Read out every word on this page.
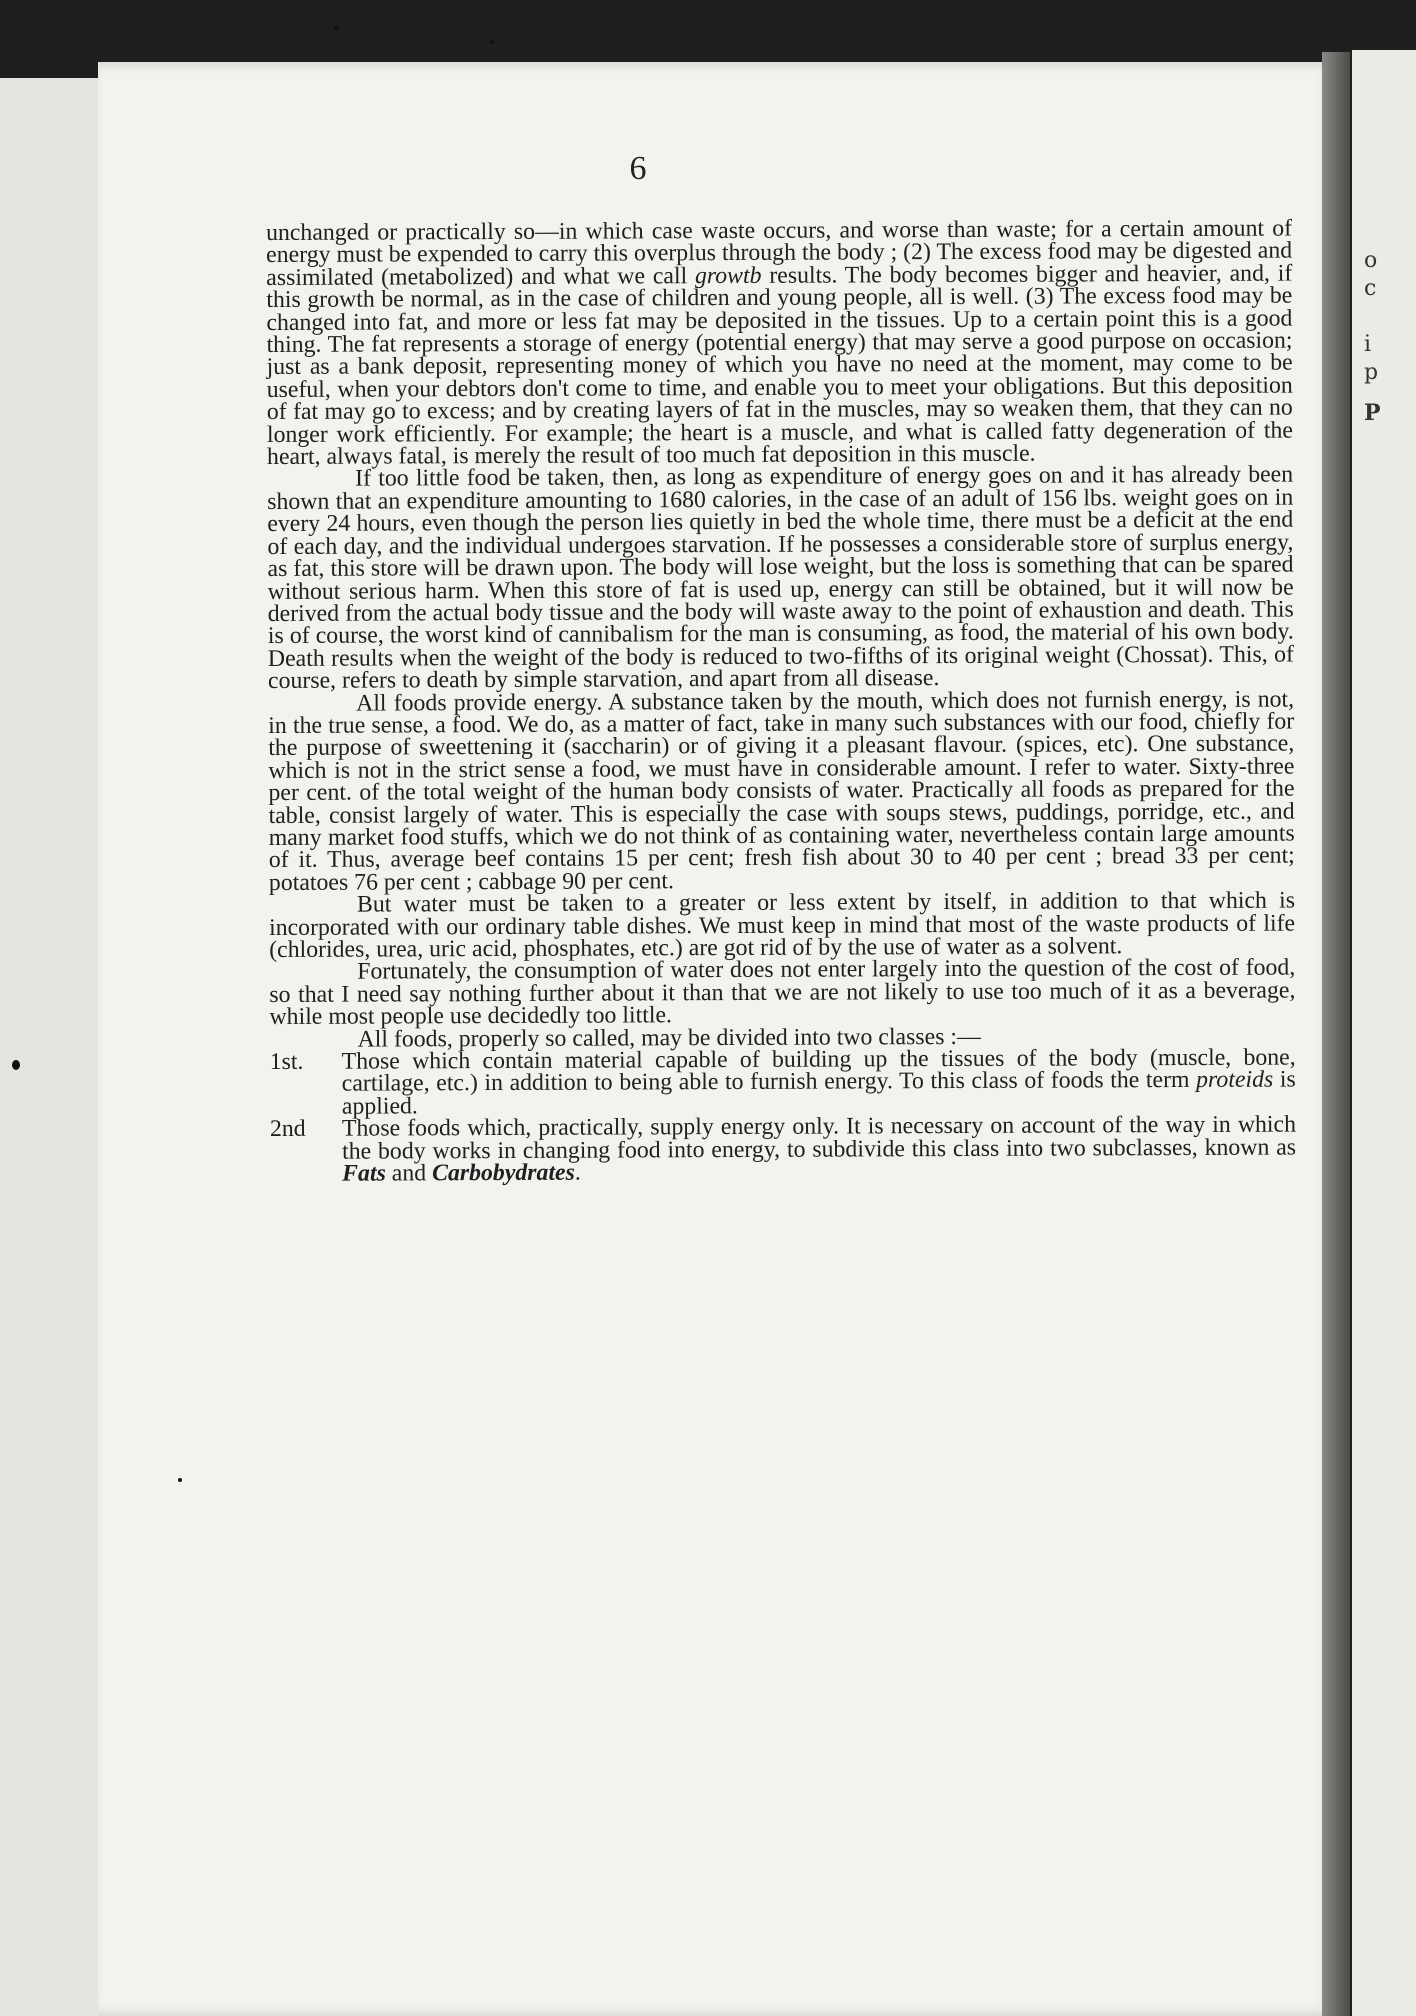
o
c
i
p
P
6

unchanged or practically so—in which case waste occurs, and worse than waste; for a certain amount of energy must be expended to carry this overplus through the body ; (2) The excess food may be digested and assimilated (metabolized) and what we call growtb results. The body becomes bigger and heavier, and, if this growth be normal, as in the case of children and young people, all is well. (3) The excess food may be changed into fat, and more or less fat may be deposited in the tissues. Up to a certain point this is a good thing. The fat represents a storage of energy (potential energy) that may serve a good purpose on occasion; just as a bank deposit, representing money of which you have no need at the moment, may come to be useful, when your debtors don't come to time, and enable you to meet your obligations. But this deposition of fat may go to excess; and by creating layers of fat in the muscles, may so weaken them, that they can no longer work efficiently. For example; the heart is a muscle, and what is called fatty degeneration of the heart, always fatal, is merely the result of too much fat deposition in this muscle.

If too little food be taken, then, as long as expenditure of energy goes on and it has already been shown that an expenditure amounting to 1680 calories, in the case of an adult of 156 lbs. weight goes on in every 24 hours, even though the person lies quietly in bed the whole time, there must be a deficit at the end of each day, and the individual undergoes starvation. If he possesses a considerable store of surplus energy, as fat, this store will be drawn upon. The body will lose weight, but the loss is something that can be spared without serious harm. When this store of fat is used up, energy can still be obtained, but it will now be derived from the actual body tissue and the body will waste away to the point of exhaustion and death. This is of course, the worst kind of cannibalism for the man is consuming, as food, the material of his own body. Death results when the weight of the body is reduced to two-fifths of its original weight (Chossat). This, of course, refers to death by simple starvation, and apart from all disease.

All foods provide energy. A substance taken by the mouth, which does not furnish energy, is not, in the true sense, a food. We do, as a matter of fact, take in many such substances with our food, chiefly for the purpose of sweettening it (saccharin) or of giving it a pleasant flavour. (spices, etc). One substance, which is not in the strict sense a food, we must have in considerable amount. I refer to water. Sixty-three per cent. of the total weight of the human body consists of water. Practically all foods as prepared for the table, consist largely of water. This is especially the case with soups stews, puddings, porridge, etc., and many market food stuffs, which we do not think of as containing water, nevertheless contain large amounts of it. Thus, average beef contains 15 per cent; fresh fish about 30 to 40 per cent ; bread 33 per cent; potatoes 76 per cent ; cabbage 90 per cent.

But water must be taken to a greater or less extent by itself, in addition to that which is incorporated with our ordinary table dishes. We must keep in mind that most of the waste products of life (chlorides, urea, uric acid, phosphates, etc.) are got rid of by the use of water as a solvent.

Fortunately, the consumption of water does not enter largely into the question of the cost of food, so that I need say nothing further about it than that we are not likely to use too much of it as a beverage, while most people use decidedly too little.

All foods, properly so called, may be divided into two classes :—

1st.	Those which contain material capable of building up the tissues of the body (muscle, bone, cartilage, etc.) in addition to being able to furnish energy. To this class of foods the term proteids is applied.
2nd	Those foods which, practically, supply energy only. It is necessary on account of the way in which the body works in changing food into energy, to subdivide this class into two subclasses, known as Fats and Carbobydrates.
